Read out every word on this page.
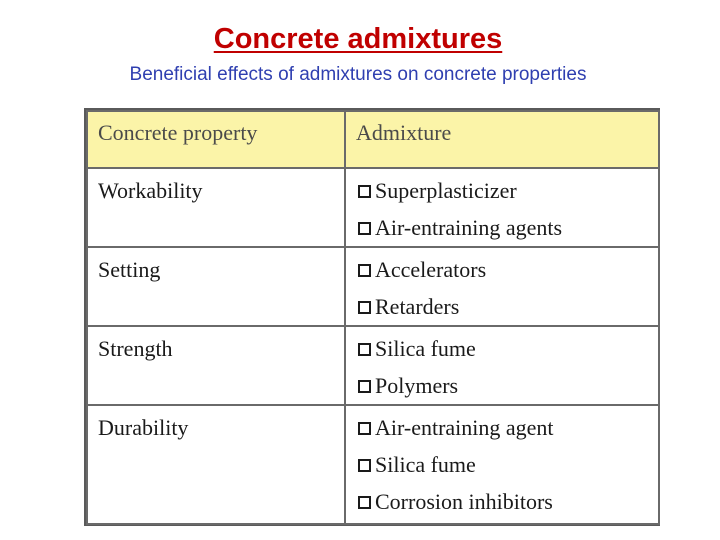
Concrete admixtures
Beneficial effects of admixtures on concrete properties
Concrete property	Admixture
Workability	Superplasticizer
Air-entraining agents

Setting	Accelerators
Retarders

Strength	Silica fume
Polymers

Durability	Air-entraining agent
Silica fume
Corrosion inhibitors
